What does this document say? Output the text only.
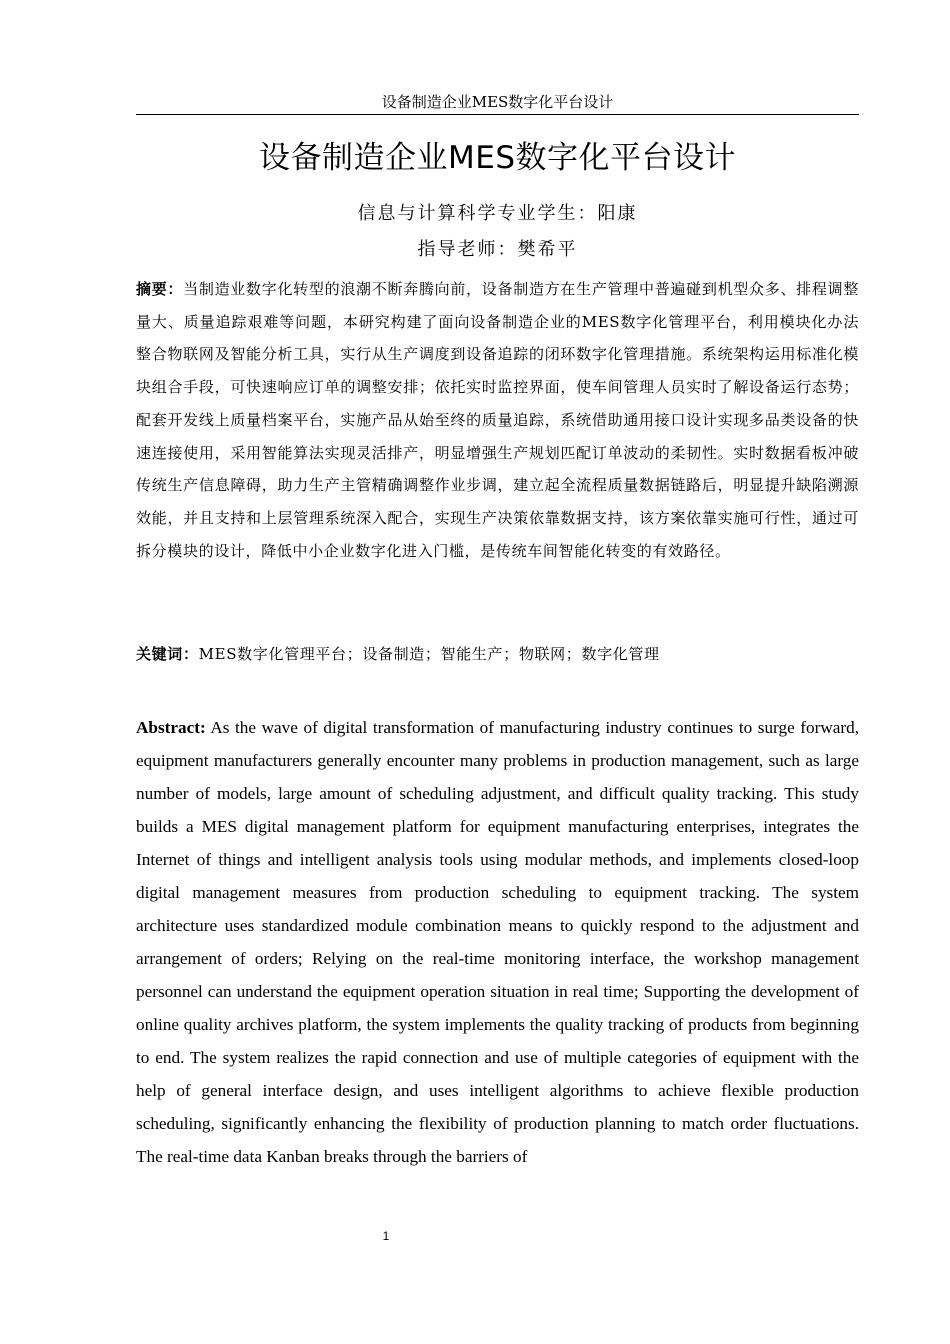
设备制造企业MES数字化平台设计
设备制造企业MES数字化平台设计
信息与计算科学专业学生：阳康
指导老师：樊希平
摘要：当制造业数字化转型的浪潮不断奔腾向前，设备制造方在生产管理中普遍碰到机型众多、排程调整量大、质量追踪艰难等问题，本研究构建了面向设备制造企业的MES数字化管理平台，利用模块化办法整合物联网及智能分析工具，实行从生产调度到设备追踪的闭环数字化管理措施。系统架构运用标准化模块组合手段，可快速响应订单的调整安排；依托实时监控界面，使车间管理人员实时了解设备运行态势；配套开发线上质量档案平台，实施产品从始至终的质量追踪，系统借助通用接口设计实现多品类设备的快速连接使用，采用智能算法实现灵活排产，明显增强生产规划匹配订单波动的柔韧性。实时数据看板冲破传统生产信息障碍，助力生产主管精确调整作业步调，建立起全流程质量数据链路后，明显提升缺陷溯源效能，并且支持和上层管理系统深入配合，实现生产决策依靠数据支持，该方案依靠实施可行性，通过可拆分模块的设计，降低中小企业数字化进入门槛，是传统车间智能化转变的有效路径。
关键词：MES数字化管理平台；设备制造；智能生产；物联网；数字化管理
Abstract: As the wave of digital transformation of manufacturing industry continues to surge forward, equipment manufacturers generally encounter many problems in production management, such as large number of models, large amount of scheduling adjustment, and difficult quality tracking. This study builds a MES digital management platform for equipment manufacturing enterprises, integrates the Internet of things and intelligent analysis tools using modular methods, and implements closed-loop digital management measures from production scheduling to equipment tracking. The system architecture uses standardized module combination means to quickly respond to the adjustment and arrangement of orders; Relying on the real-time monitoring interface, the workshop management personnel can understand the equipment operation situation in real time; Supporting the development of online quality archives platform, the system implements the quality tracking of products from beginning to end. The system realizes the rapid connection and use of multiple categories of equipment with the help of general interface design, and uses intelligent algorithms to achieve flexible production scheduling, significantly enhancing the flexibility of production planning to match order fluctuations. The real-time data Kanban breaks through the barriers of
1
